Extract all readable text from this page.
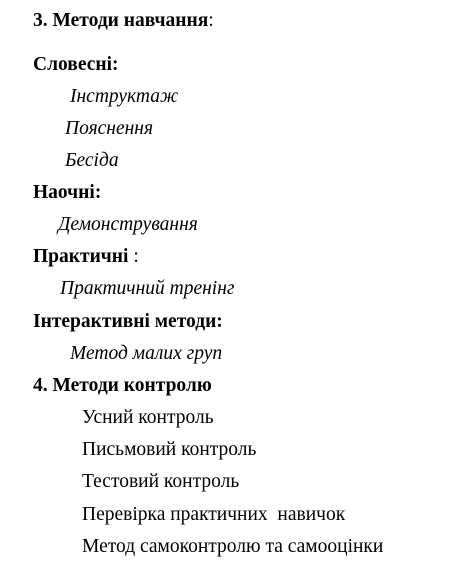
3. Методи навчання:
Словесні:
Інструктаж
Пояснення
Бесіда
Наочні:
Демонстрування
Практичні :
Практичний тренінг
Інтерактивні методи:
Метод малих груп
4. Методи контролю
Усний контроль
Письмовий контроль
Тестовий контроль
Перевірка практичних  навичок
Метод самоконтролю та самооцінки
